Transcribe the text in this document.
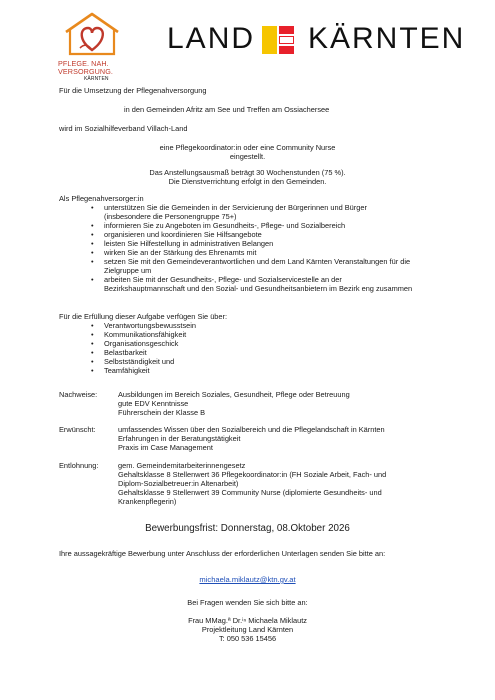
PFLEGE. NAH.
VERSORGUNG.
KÄRNTEN
LAND KÄRNTEN
Für die Umsetzung der Pflegenahversorgung
in den Gemeinden Afritz am See und Treffen am Ossiachersee
wird im Sozialhilfeverband Villach-Land
eine Pflegekoordinator:in oder eine Community Nurse
eingestellt.
Das Anstellungsausmaß beträgt 30 Wochenstunden (75 %).
Die Dienstverrichtung erfolgt in den Gemeinden.
Als Pflegenahversorger:in
• unterstützen Sie die Gemeinden in der Servicierung der Bürgerinnen und Bürger
(insbesondere die Personengruppe 75+)
• informieren Sie zu Angeboten im Gesundheits-, Pflege- und Sozialbereich
• organisieren und koordinieren Sie Hilfsangebote
• leisten Sie Hilfestellung in administrativen Belangen
• wirken Sie an der Stärkung des Ehrenamts mit
• setzen Sie mit den Gemeindeverantwortlichen und dem Land Kärnten Veranstaltungen für die
Zielgruppe um
• arbeiten Sie mit der Gesundheits-, Pflege- und Sozialservicestelle an der
Bezirkshauptmannschaft und den Sozial- und Gesundheitsanbietern im Bezirk eng zusammen
Für die Erfüllung dieser Aufgabe verfügen Sie über:
• Verantwortungsbewusstsein
• Kommunikationsfähigkeit
• Organisationsgeschick
• Belastbarkeit
• Selbstständigkeit und
• Teamfähigkeit
Nachweise:	Ausbildungen im Bereich Soziales, Gesundheit, Pflege oder Betreuung
gute EDV Kenntnisse
Führerschein der Klasse B
Erwünscht:	umfassendes Wissen über den Sozialbereich und die Pflegelandschaft in Kärnten
Erfahrungen in der Beratungstätigkeit
Praxis im Case Management
Entlohnung:	gem. Gemeindemitarbeiterinnengesetz
Gehaltsklasse 8 Stellenwert 36 Pflegekoordinator:in (FH Soziale Arbeit, Fach- und
Diplom-Sozialbetreuer:in Altenarbeit)
Gehaltsklasse 9 Stellenwert 39 Community Nurse (diplomierte Gesundheits- und
Krankenpflegerin)
Bewerbungsfrist: Donnerstag, 08.Oktober 2026
Ihre aussagekräftige Bewerbung unter Anschluss der erforderlichen Unterlagen senden Sie bitte an:
michaela.miklautz@ktn.gv.at
Bei Fragen wenden Sie sich bitte an:
Frau MMag.ª Dr.ⁱⁿ Michaela Miklautz
Projektleitung Land Kärnten
T: 050 536 15456
